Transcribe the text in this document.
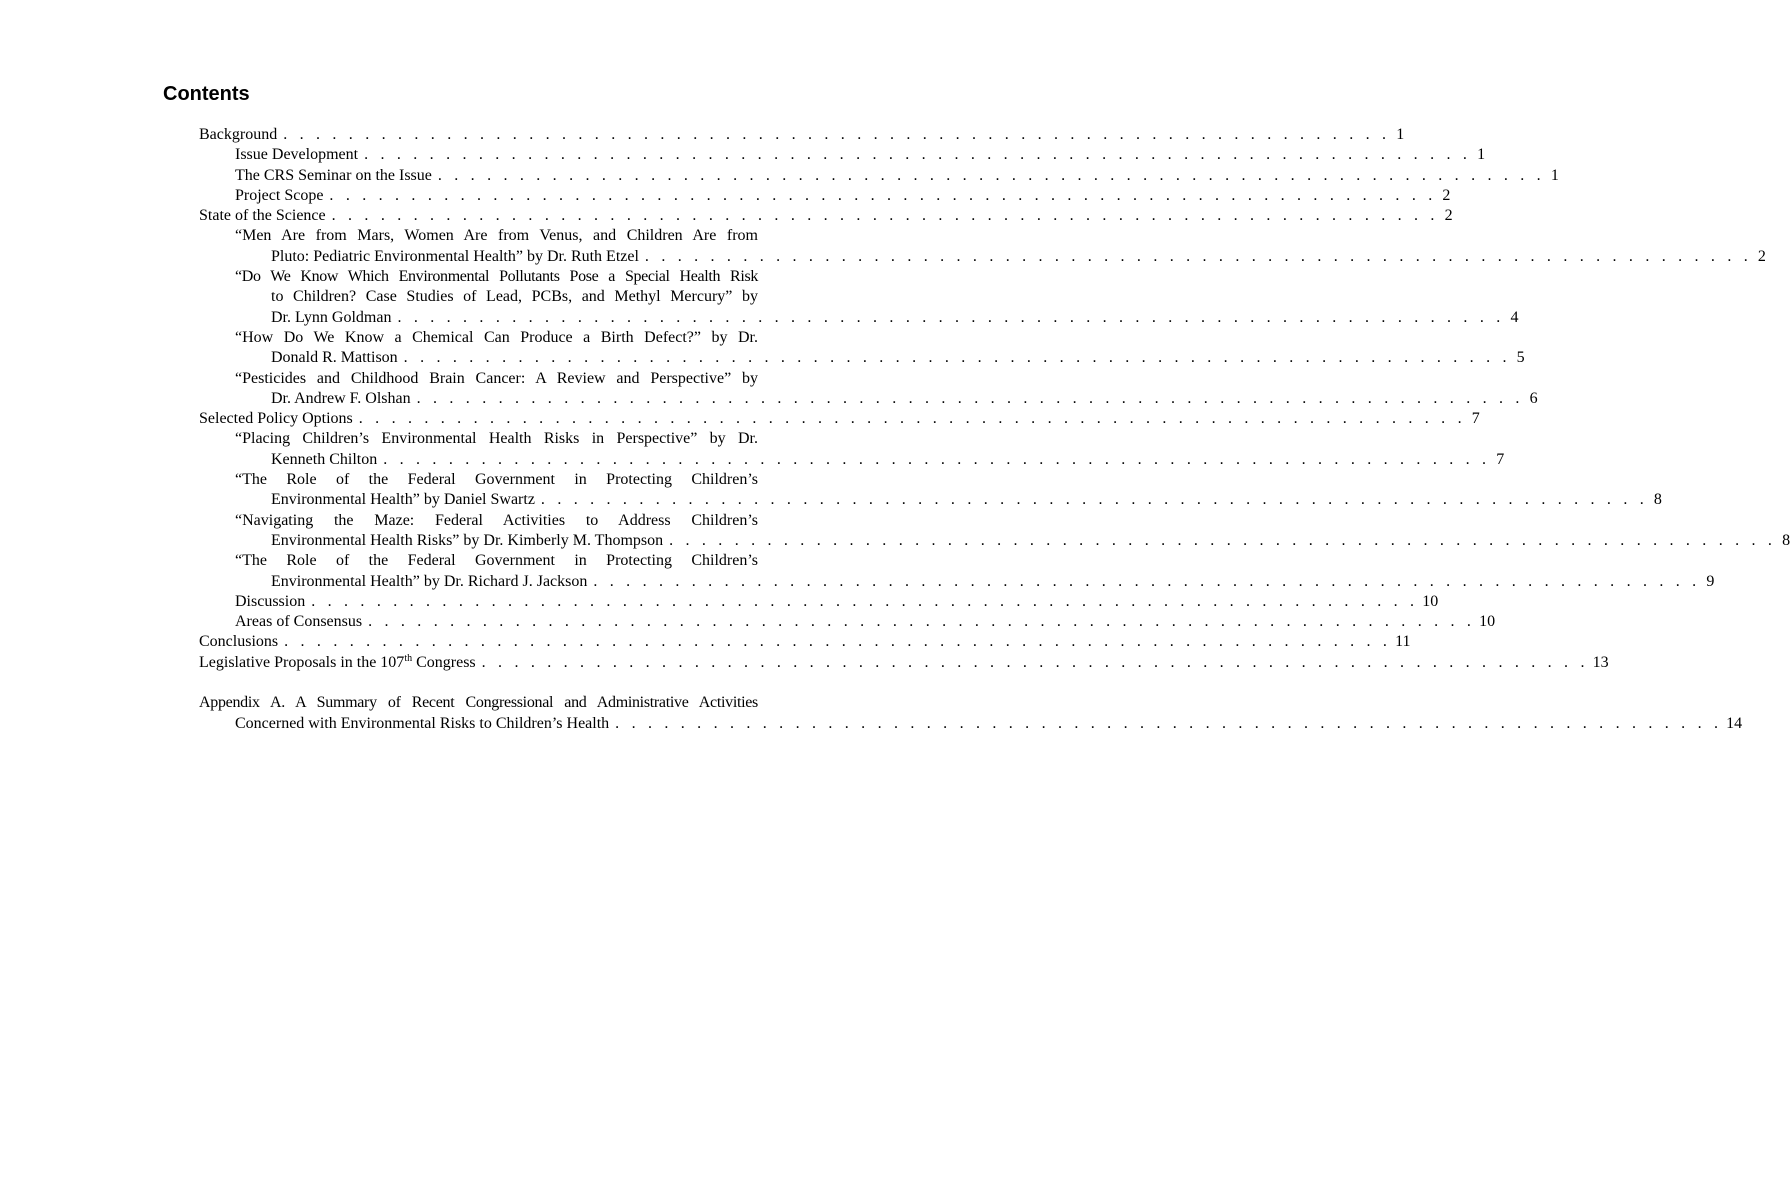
Contents
Background . . . . . . . . . . . . . . . . . . . . . . . . . . . . . . . . . . . . . . . . . . . . . . . . . . . . . . . . . . . . . . . . . . . . 1
Issue Development . . . . . . . . . . . . . . . . . . . . . . . . . . . . . . . . . . . . . . . . . . . . . . . . . . . . . . . . . . . . . . . . . . . . 1
The CRS Seminar on the Issue . . . . . . . . . . . . . . . . . . . . . . . . . . . . . . . . . . . . . . . . . . . . . . . . . . . . . . . . . . . . . . . . . . . . 1
Project Scope . . . . . . . . . . . . . . . . . . . . . . . . . . . . . . . . . . . . . . . . . . . . . . . . . . . . . . . . . . . . . . . . . . . . 2
State of the Science . . . . . . . . . . . . . . . . . . . . . . . . . . . . . . . . . . . . . . . . . . . . . . . . . . . . . . . . . . . . . . . . . . . . 2
“Men Are from Mars, Women Are from Venus, and Children Are from
Pluto: Pediatric Environmental Health” by Dr. Ruth Etzel . . . . . . . . . . . . . . . . . . . . . . . . . . . . . . . . . . . . . . . . . . . . . . . . . . . . . . . . . . . . . . . . . . . . 2
“Do We Know Which Environmental Pollutants Pose a Special Health Risk
to Children? Case Studies of Lead, PCBs, and Methyl Mercury” by
Dr. Lynn Goldman . . . . . . . . . . . . . . . . . . . . . . . . . . . . . . . . . . . . . . . . . . . . . . . . . . . . . . . . . . . . . . . . . . . . 4
“How Do We Know a Chemical Can Produce a Birth Defect?” by Dr.
Donald R. Mattison . . . . . . . . . . . . . . . . . . . . . . . . . . . . . . . . . . . . . . . . . . . . . . . . . . . . . . . . . . . . . . . . . . . . 5
“Pesticides and Childhood Brain Cancer: A Review and Perspective” by
Dr. Andrew F. Olshan . . . . . . . . . . . . . . . . . . . . . . . . . . . . . . . . . . . . . . . . . . . . . . . . . . . . . . . . . . . . . . . . . . . . 6
Selected Policy Options . . . . . . . . . . . . . . . . . . . . . . . . . . . . . . . . . . . . . . . . . . . . . . . . . . . . . . . . . . . . . . . . . . . . 7
“Placing Children’s Environmental Health Risks in Perspective” by Dr.
Kenneth Chilton . . . . . . . . . . . . . . . . . . . . . . . . . . . . . . . . . . . . . . . . . . . . . . . . . . . . . . . . . . . . . . . . . . . . 7
“The Role of the Federal Government in Protecting Children’s
Environmental Health” by Daniel Swartz . . . . . . . . . . . . . . . . . . . . . . . . . . . . . . . . . . . . . . . . . . . . . . . . . . . . . . . . . . . . . . . . . . . . 8
“Navigating the Maze: Federal Activities to Address Children’s
Environmental Health Risks” by Dr. Kimberly M. Thompson . . . . . . . . . . . . . . . . . . . . . . . . . . . . . . . . . . . . . . . . . . . . . . . . . . . . . . . . . . . . . . . . . . . . 8
“The Role of the Federal Government in Protecting Children’s
Environmental Health” by Dr. Richard J. Jackson . . . . . . . . . . . . . . . . . . . . . . . . . . . . . . . . . . . . . . . . . . . . . . . . . . . . . . . . . . . . . . . . . . . . 9
Discussion . . . . . . . . . . . . . . . . . . . . . . . . . . . . . . . . . . . . . . . . . . . . . . . . . . . . . . . . . . . . . . . . . . . . 10
Areas of Consensus . . . . . . . . . . . . . . . . . . . . . . . . . . . . . . . . . . . . . . . . . . . . . . . . . . . . . . . . . . . . . . . . . . . . 10
Conclusions . . . . . . . . . . . . . . . . . . . . . . . . . . . . . . . . . . . . . . . . . . . . . . . . . . . . . . . . . . . . . . . . . . . . 11
Legislative Proposals in the 107th Congress . . . . . . . . . . . . . . . . . . . . . . . . . . . . . . . . . . . . . . . . . . . . . . . . . . . . . . . . . . . . . . . . . . . . 13
Appendix A. A Summary of Recent Congressional and Administrative Activities
Concerned with Environmental Risks to Children’s Health . . . . . . . . . . . . . . . . . . . . . . . . . . . . . . . . . . . . . . . . . . . . . . . . . . . . . . . . . . . . . . . . . . . . 14
